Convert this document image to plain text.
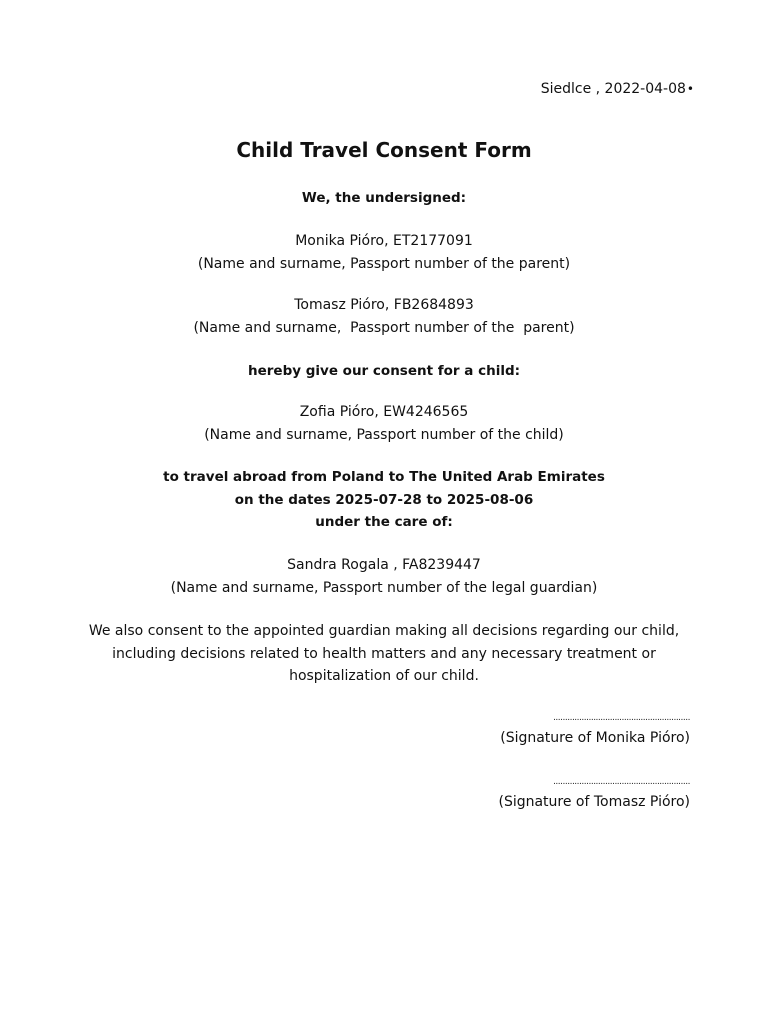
Siedlce , 2022-04-08•
Child Travel Consent Form
We, the undersigned:
Monika Pióro, ET2177091
(Name and surname, Passport number of the parent)
Tomasz Pióro, FB2684893
(Name and surname,  Passport number of the  parent)
hereby give our consent for a child:
Zofia Pióro, EW4246565
(Name and surname, Passport number of the child)
to travel abroad from Poland to The United Arab Emirates
on the dates 2025-07-28 to 2025-08-06
under the care of:
Sandra Rogala , FA8239447
(Name and surname, Passport number of the legal guardian)
We also consent to the appointed guardian making all decisions regarding our child, including decisions related to health matters and any necessary treatment or hospitalization of our child.
..........................................................
(Signature of Monika Pióro)
..........................................................
(Signature of Tomasz Pióro)
